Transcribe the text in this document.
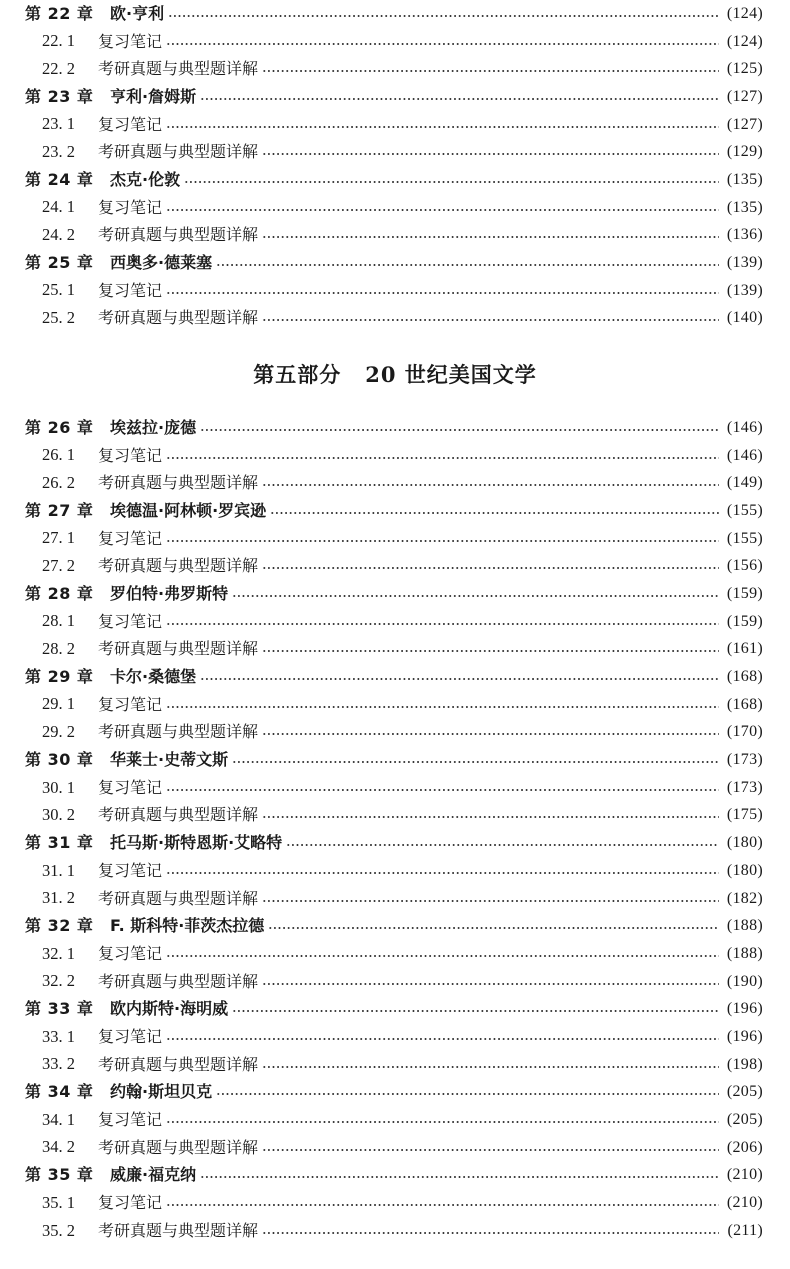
第 22 章 欧·亨利	(124)
22. 1 复习笔记	(124)
22. 2 考研真题与典型题详解	(125)
第 23 章 亨利·詹姆斯	(127)
23. 1 复习笔记	(127)
23. 2 考研真题与典型题详解	(129)
第 24 章 杰克·伦敦	(135)
24. 1 复习笔记	(135)
24. 2 考研真题与典型题详解	(136)
第 25 章 西奥多·德莱塞	(139)
25. 1 复习笔记	(139)
25. 2 考研真题与典型题详解	(140)
第五部分 20 世纪美国文学
第 26 章 埃兹拉·庞德	(146)
26. 1 复习笔记	(146)
26. 2 考研真题与典型题详解	(149)
第 27 章 埃德温·阿林顿·罗宾逊	(155)
27. 1 复习笔记	(155)
27. 2 考研真题与典型题详解	(156)
第 28 章 罗伯特·弗罗斯特	(159)
28. 1 复习笔记	(159)
28. 2 考研真题与典型题详解	(161)
第 29 章 卡尔·桑德堡	(168)
29. 1 复习笔记	(168)
29. 2 考研真题与典型题详解	(170)
第 30 章 华莱士·史蒂文斯	(173)
30. 1 复习笔记	(173)
30. 2 考研真题与典型题详解	(175)
第 31 章 托马斯·斯特恩斯·艾略特	(180)
31. 1 复习笔记	(180)
31. 2 考研真题与典型题详解	(182)
第 32 章 F. 斯科特·菲茨杰拉德	(188)
32. 1 复习笔记	(188)
32. 2 考研真题与典型题详解	(190)
第 33 章 欧内斯特·海明威	(196)
33. 1 复习笔记	(196)
33. 2 考研真题与典型题详解	(198)
第 34 章 约翰·斯坦贝克	(205)
34. 1 复习笔记	(205)
34. 2 考研真题与典型题详解	(206)
第 35 章 威廉·福克纳	(210)
35. 1 复习笔记	(210)
35. 2 考研真题与典型题详解	(211)
